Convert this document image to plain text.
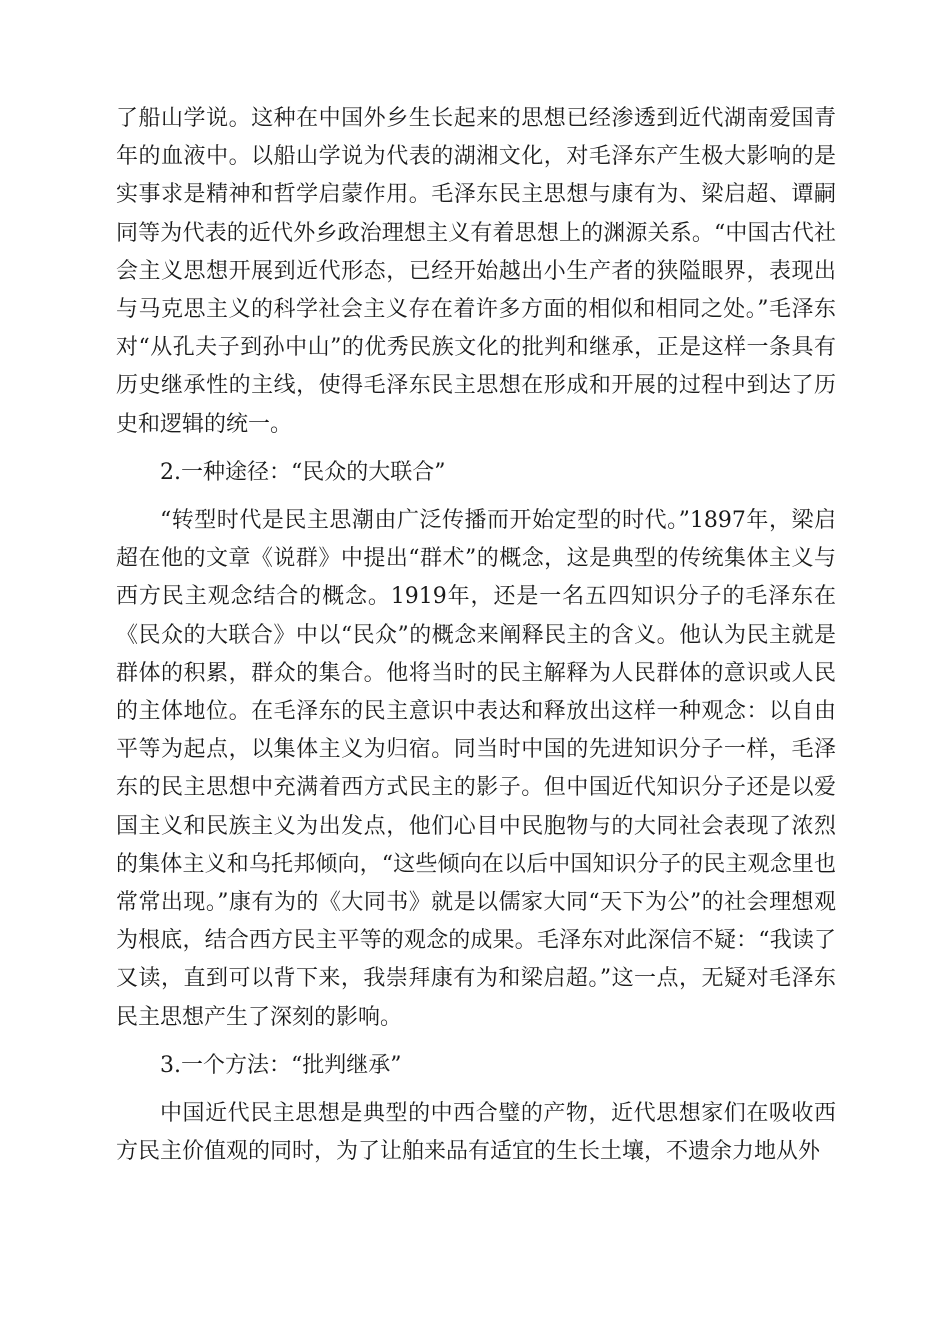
了船山学说。这种在中国外乡生长起来的思想已经渗透到近代湖南爱国青年的血液中。以船山学说为代表的湖湘文化，对毛泽东产生极大影响的是实事求是精神和哲学启蒙作用。毛泽东民主思想与康有为、梁启超、谭嗣同等为代表的近代外乡政治理想主义有着思想上的渊源关系。“中国古代社会主义思想开展到近代形态，已经开始越出小生产者的狭隘眼界，表现出与马克思主义的科学社会主义存在着许多方面的相似和相同之处。”毛泽东对“从孔夫子到孙中山”的优秀民族文化的批判和继承，正是这样一条具有历史继承性的主线，使得毛泽东民主思想在形成和开展的过程中到达了历史和逻辑的统一。

2.一种途径：“民众的大联合”

“转型时代是民主思潮由广泛传播而开始定型的时代。”1897年，梁启超在他的文章《说群》中提出“群术”的概念，这是典型的传统集体主义与西方民主观念结合的概念。1919年，还是一名五四知识分子的毛泽东在《民众的大联合》中以“民众”的概念来阐释民主的含义。他认为民主就是群体的积累，群众的集合。他将当时的民主解释为人民群体的意识或人民的主体地位。在毛泽东的民主意识中表达和释放出这样一种观念：以自由平等为起点，以集体主义为归宿。同当时中国的先进知识分子一样，毛泽东的民主思想中充满着西方式民主的影子。但中国近代知识分子还是以爱国主义和民族主义为出发点，他们心目中民胞物与的大同社会表现了浓烈的集体主义和乌托邦倾向，“这些倾向在以后中国知识分子的民主观念里也常常出现。”康有为的《大同书》就是以儒家大同“天下为公”的社会理想观为根底，结合西方民主平等的观念的成果。毛泽东对此深信不疑：“我读了又读，直到可以背下来，我崇拜康有为和梁启超。”这一点，无疑对毛泽东民主思想产生了深刻的影响。

3.一个方法：“批判继承”

中国近代民主思想是典型的中西合璧的产物，近代思想家们在吸收西方民主价值观的同时，为了让舶来品有适宜的生长土壤，不遗余力地从外
